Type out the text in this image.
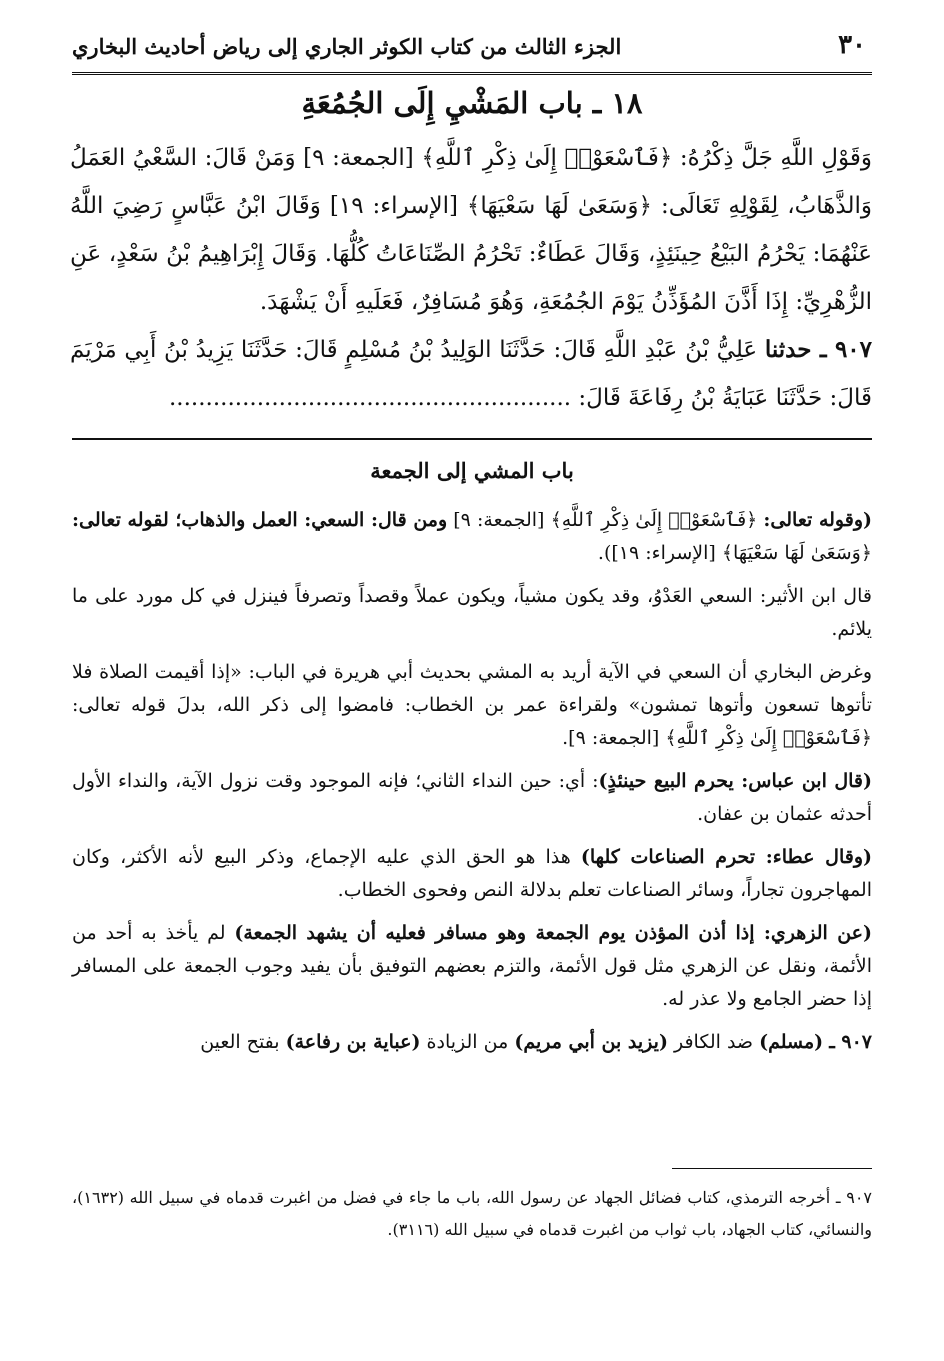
٣٠
الجزء الثالث من كتاب الكوثر الجاري إلى رياض أحاديث البخاري
١٨ ـ باب المَشْيِ إِلَى الجُمُعَةِ

وَقَوْلِ اللَّهِ جَلَّ ذِكْرُهُ: ﴿فَٱسْعَوْا۟ إِلَىٰ ذِكْرِ ٱللَّهِ﴾ [الجمعة: ٩] وَمَنْ قَالَ: السَّعْيُ العَمَلُ وَالذَّهَابُ، لِقَوْلِهِ تَعَالَى: ﴿وَسَعَىٰ لَهَا سَعْيَهَا﴾ [الإسراء: ١٩] وَقَالَ ابْنُ عَبَّاسٍ رَضِيَ اللَّهُ عَنْهُمَا: يَحْرُمُ البَيْعُ حِينَئِذٍ، وَقَالَ عَطَاءٌ: تَحْرُمُ الصِّنَاعَاتُ كُلُّهَا. وَقَالَ إِبْرَاهِيمُ بْنُ سَعْدٍ، عَنِ الزُّهْرِيِّ: إِذَا أَذَّنَ المُؤَذِّنُ يَوْمَ الجُمُعَةِ، وَهُوَ مُسَافِرٌ، فَعَلَيهِ أَنْ يَشْهَدَ.

٩٠٧ ـ حدثنا عَلِيُّ بْنُ عَبْدِ اللَّهِ قَالَ: حَدَّثَنَا الوَلِيدُ بْنُ مُسْلِمٍ قَالَ: حَدَّثَنَا يَزِيدُ بْنُ أَبِي مَرْيَمَ قَالَ: حَدَّثَنَا عَبَايَةُ بْنُ رِفَاعَةَ قَالَ: .......................................................

باب المشي إلى الجمعة

(وقوله تعالى: ﴿فَٱسْعَوْا۟ إِلَىٰ ذِكْرِ ٱللَّهِ﴾ [الجمعة: ٩] ومن قال: السعي: العمل والذهاب؛ لقوله تعالى: ﴿وَسَعَىٰ لَهَا سَعْيَهَا﴾ [الإسراء: ١٩]).

قال ابن الأثير: السعي العَدْوُ، وقد يكون مشياً، ويكون عملاً وقصداً وتصرفاً فينزل في كل مورد على ما يلائم.

وغرض البخاري أن السعي في الآية أريد به المشي بحديث أبي هريرة في الباب: «إذا أقيمت الصلاة فلا تأتوها تسعون وأتوها تمشون» ولقراءة عمر بن الخطاب: فامضوا إلى ذكر الله، بدلَ قوله تعالى: ﴿فَٱسْعَوْا۟ إِلَىٰ ذِكْرِ ٱللَّهِ﴾ [الجمعة: ٩].

(قال ابن عباس: يحرم البيع حينئذٍ): أي: حين النداء الثاني؛ فإنه الموجود وقت نزول الآية، والنداء الأول أحدثه عثمان بن عفان.

(وقال عطاء: تحرم الصناعات كلها) هذا هو الحق الذي عليه الإجماع، وذكر البيع لأنه الأكثر، وكان المهاجرون تجاراً، وسائر الصناعات تعلم بدلالة النص وفحوى الخطاب.

(عن الزهري: إذا أذن المؤذن يوم الجمعة وهو مسافر فعليه أن يشهد الجمعة) لم يأخذ به أحد من الأئمة، ونقل عن الزهري مثل قول الأئمة، والتزم بعضهم التوفيق بأن يفيد وجوب الجمعة على المسافر إذا حضر الجامع ولا عذر له.

٩٠٧ ـ (مسلم) ضد الكافر (يزيد بن أبي مريم) من الزيادة (عباية بن رفاعة) بفتح العين

٩٠٧ ـ أخرجه الترمذي، كتاب فضائل الجهاد عن رسول الله، باب ما جاء في فضل من اغبرت قدماه في سبيل الله (١٦٣٢)، والنسائي، كتاب الجهاد، باب ثواب من اغبرت قدماه في سبيل الله (٣١١٦).
